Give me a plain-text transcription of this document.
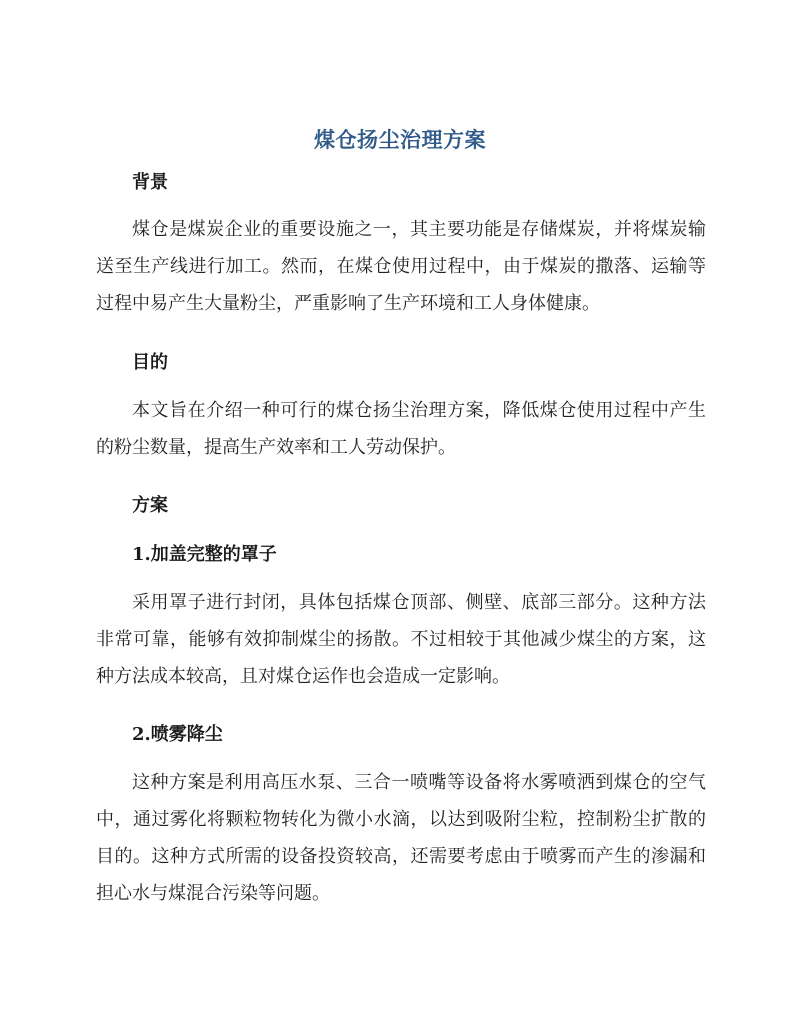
煤仓扬尘治理方案
背景
煤仓是煤炭企业的重要设施之一，其主要功能是存储煤炭，并将煤炭输送至生产线进行加工。然而，在煤仓使用过程中，由于煤炭的撒落、运输等过程中易产生大量粉尘，严重影响了生产环境和工人身体健康。
目的
本文旨在介绍一种可行的煤仓扬尘治理方案，降低煤仓使用过程中产生的粉尘数量，提高生产效率和工人劳动保护。
方案
1.加盖完整的罩子
采用罩子进行封闭，具体包括煤仓顶部、侧壁、底部三部分。这种方法非常可靠，能够有效抑制煤尘的扬散。不过相较于其他减少煤尘的方案，这种方法成本较高，且对煤仓运作也会造成一定影响。
2.喷雾降尘
这种方案是利用高压水泵、三合一喷嘴等设备将水雾喷洒到煤仓的空气中，通过雾化将颗粒物转化为微小水滴，以达到吸附尘粒，控制粉尘扩散的目的。这种方式所需的设备投资较高，还需要考虑由于喷雾而产生的渗漏和担心水与煤混合污染等问题。
